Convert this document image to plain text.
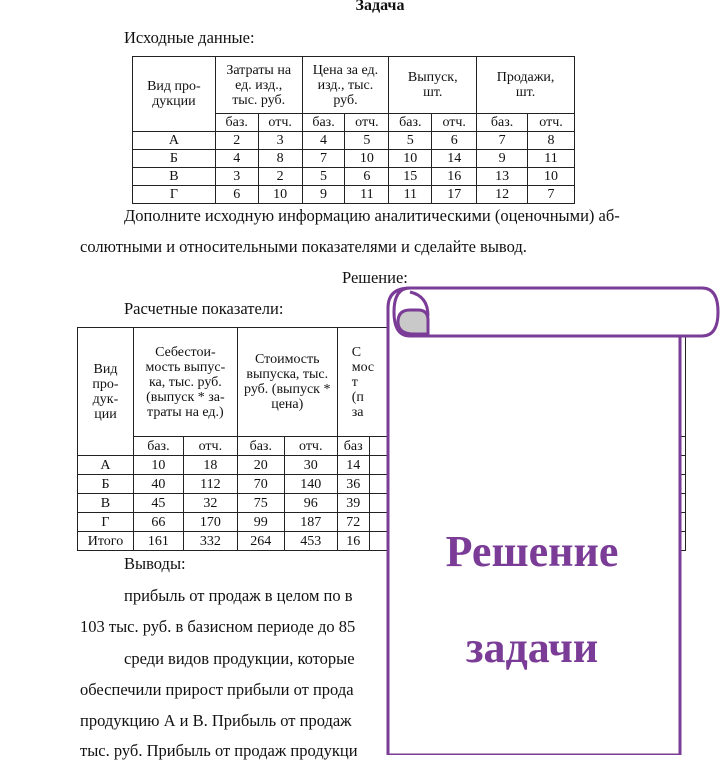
Задача
Исходные данные:
Вид про-
дукции	Затраты на
ед. изд.,
тыс. руб.		Цена за ед.
изд., тыс.
руб.		Выпуск,
шт.		Продажи,
шт.	
	баз.	отч.	баз.	отч.	баз.	отч.	баз.	отч.
А	2	3	4	5	5	6	7	8
Б	4	8	7	10	10	14	9	11
В	3	2	5	6	15	16	13	10
Г	6	10	9	11	11	17	12	7
Дополните исходную информацию аналитическими (оценочными) аб-
солютными и относительными показателями и сделайте вывод.
Решение:
Расчетные показатели:
Вид
про-
дук-
ции	Себестои-
мость выпус-
ка, тыс. руб.
(выпуск * за-
траты на ед.)		Стоимость
выпуска, тыс.
руб. (выпуск *
цена)		С
мос
т
(п
за	
	баз.	отч.	баз.	отч.	баз	
А	10	18	20	30	14	
Б	40	112	70	140	36	
В	45	32	75	96	39	
Г	66	170	99	187	72	
Итого	161	332	264	453	16	
Выводы:
прибыль от продаж в целом по в
103 тыс. руб. в базисном периоде до 85
среди видов продукции, которые
обеспечили прирост прибыли от прода
продукцию А и В. Прибыль от продаж
тыс. руб. Прибыль от продаж продукци
Решение
задачи
